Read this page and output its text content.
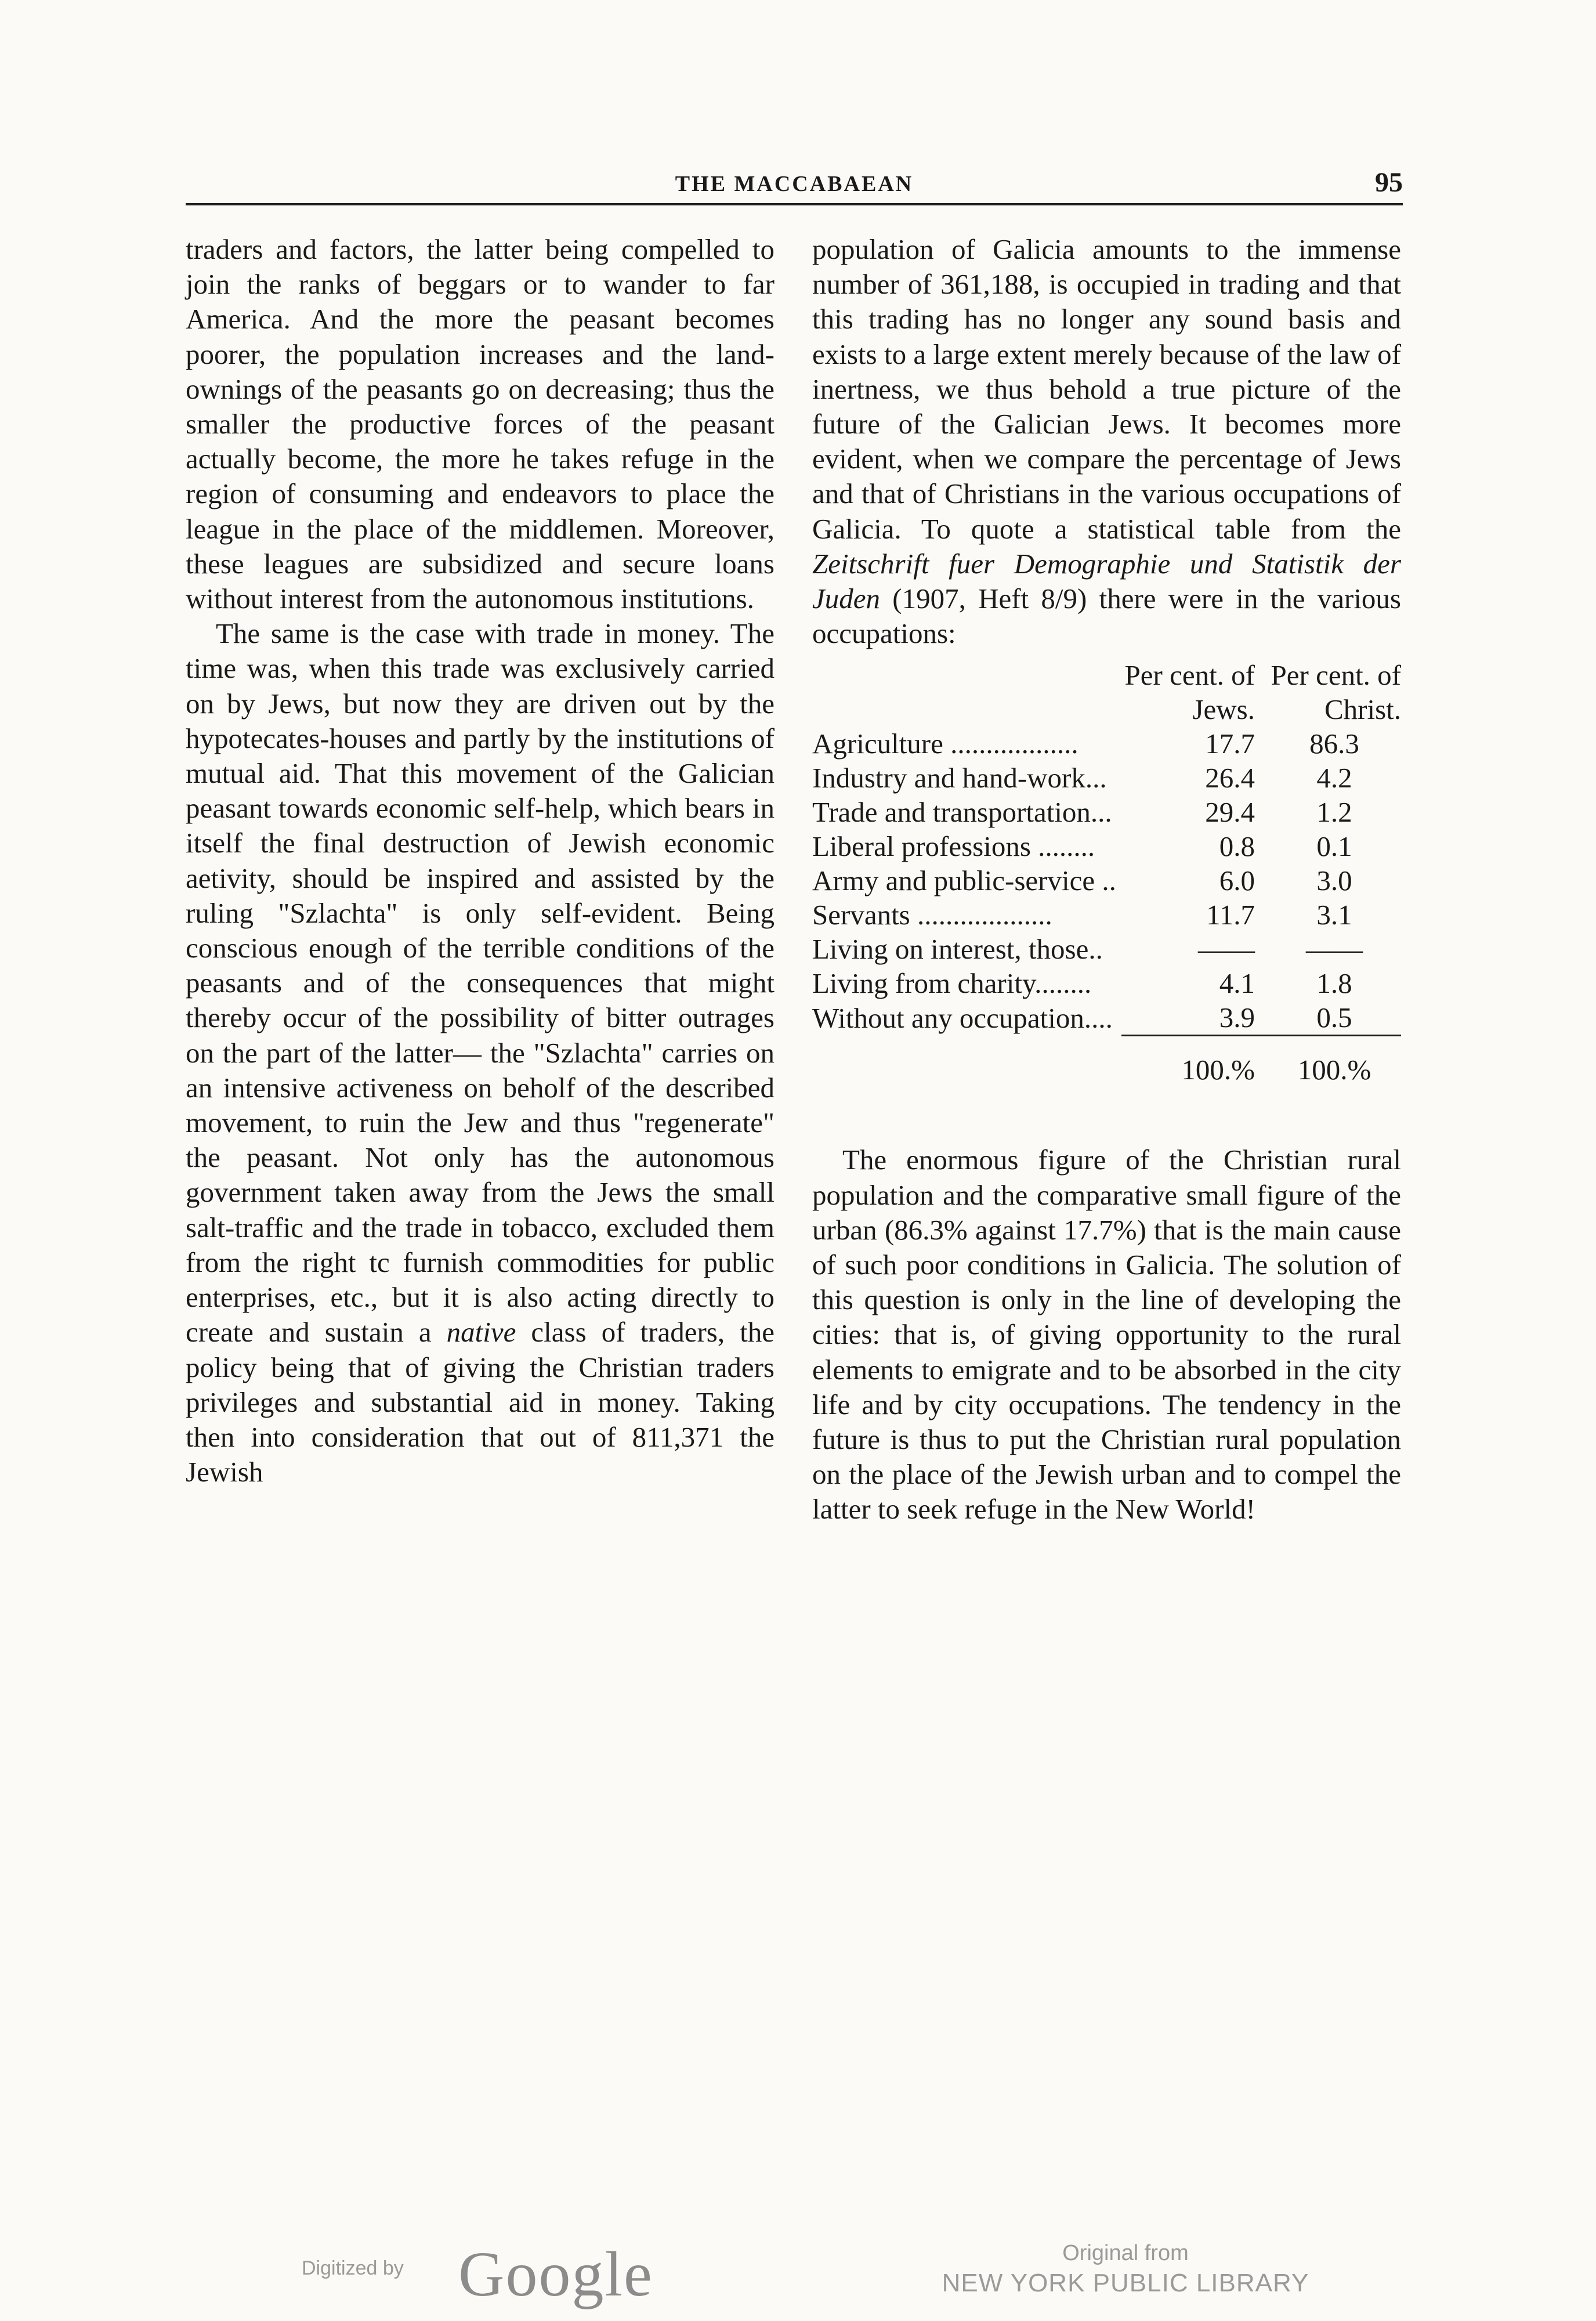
THE MACCABAEAN	95

traders and factors, the latter being compelled to join the ranks of beggars or to wander to far America. And the more the peasant becomes poorer, the population increases and the land-ownings of the peasants go on decreasing; thus the smaller the productive forces of the peasant actually become, the more he takes refuge in the region of consuming and endeavors to place the league in the place of the middlemen. Moreover, these leagues are subsidized and secure loans without interest from the autonomous institutions.

The same is the case with trade in money. The time was, when this trade was exclusively carried on by Jews, but now they are driven out by the hypotecates-houses and partly by the institutions of mutual aid. That this movement of the Galician peasant towards economic self-help, which bears in itself the final destruction of Jewish economic aetivity, should be inspired and assisted by the ruling "Szlachta" is only self-evident. Being conscious enough of the terrible conditions of the peasants and of the consequences that might thereby occur of the possibility of bitter outrages on the part of the latter— the "Szlachta" carries on an intensive activeness on beholf of the described movement, to ruin the Jew and thus "regenerate" the peasant. Not only has the autonomous government taken away from the Jews the small salt-traffic and the trade in tobacco, excluded them from the right tc furnish commodities for public enterprises, etc., but it is also acting directly to create and sustain a native class of traders, the policy being that of giving the Christian traders privileges and substantial aid in money. Taking then into consideration that out of 811,371 the Jewish

population of Galicia amounts to the immense number of 361,188, is occupied in trading and that this trading has no longer any sound basis and exists to a large extent merely because of the law of inertness, we thus behold a true picture of the future of the Galician Jews. It becomes more evident, when we compare the percentage of Jews and that of Christians in the various occupations of Galicia. To quote a statistical table from the Zeitschrift fuer Demographie und Statistik der Juden (1907, Heft 8/9) there were in the various occupations:

	Per cent. of Jews.	Per cent. of Christ.
Agriculture ..................	17.7	86.3
Industry and hand-work...	26.4	4.2
Trade and transportation...	29.4	1.2
Liberal professions ........	0.8	0.1
Army and public-service ..	6.0	3.0
Servants ...................	11.7	3.1
Living on interest, those..	——	——
Living from charity........	4.1	1.8
Without any occupation....	3.9	0.5
	100.%	100.%

The enormous figure of the Christian rural population and the comparative small figure of the urban (86.3% against 17.7%) that is the main cause of such poor conditions in Galicia. The solution of this question is only in the line of developing the cities: that is, of giving opportunity to the rural elements to emigrate and to be absorbed in the city life and by city occupations. The tendency in the future is thus to put the Christian rural population on the place of the Jewish urban and to compel the latter to seek refuge in the New World!

Digitized by Google	Original from
NEW YORK PUBLIC LIBRARY
